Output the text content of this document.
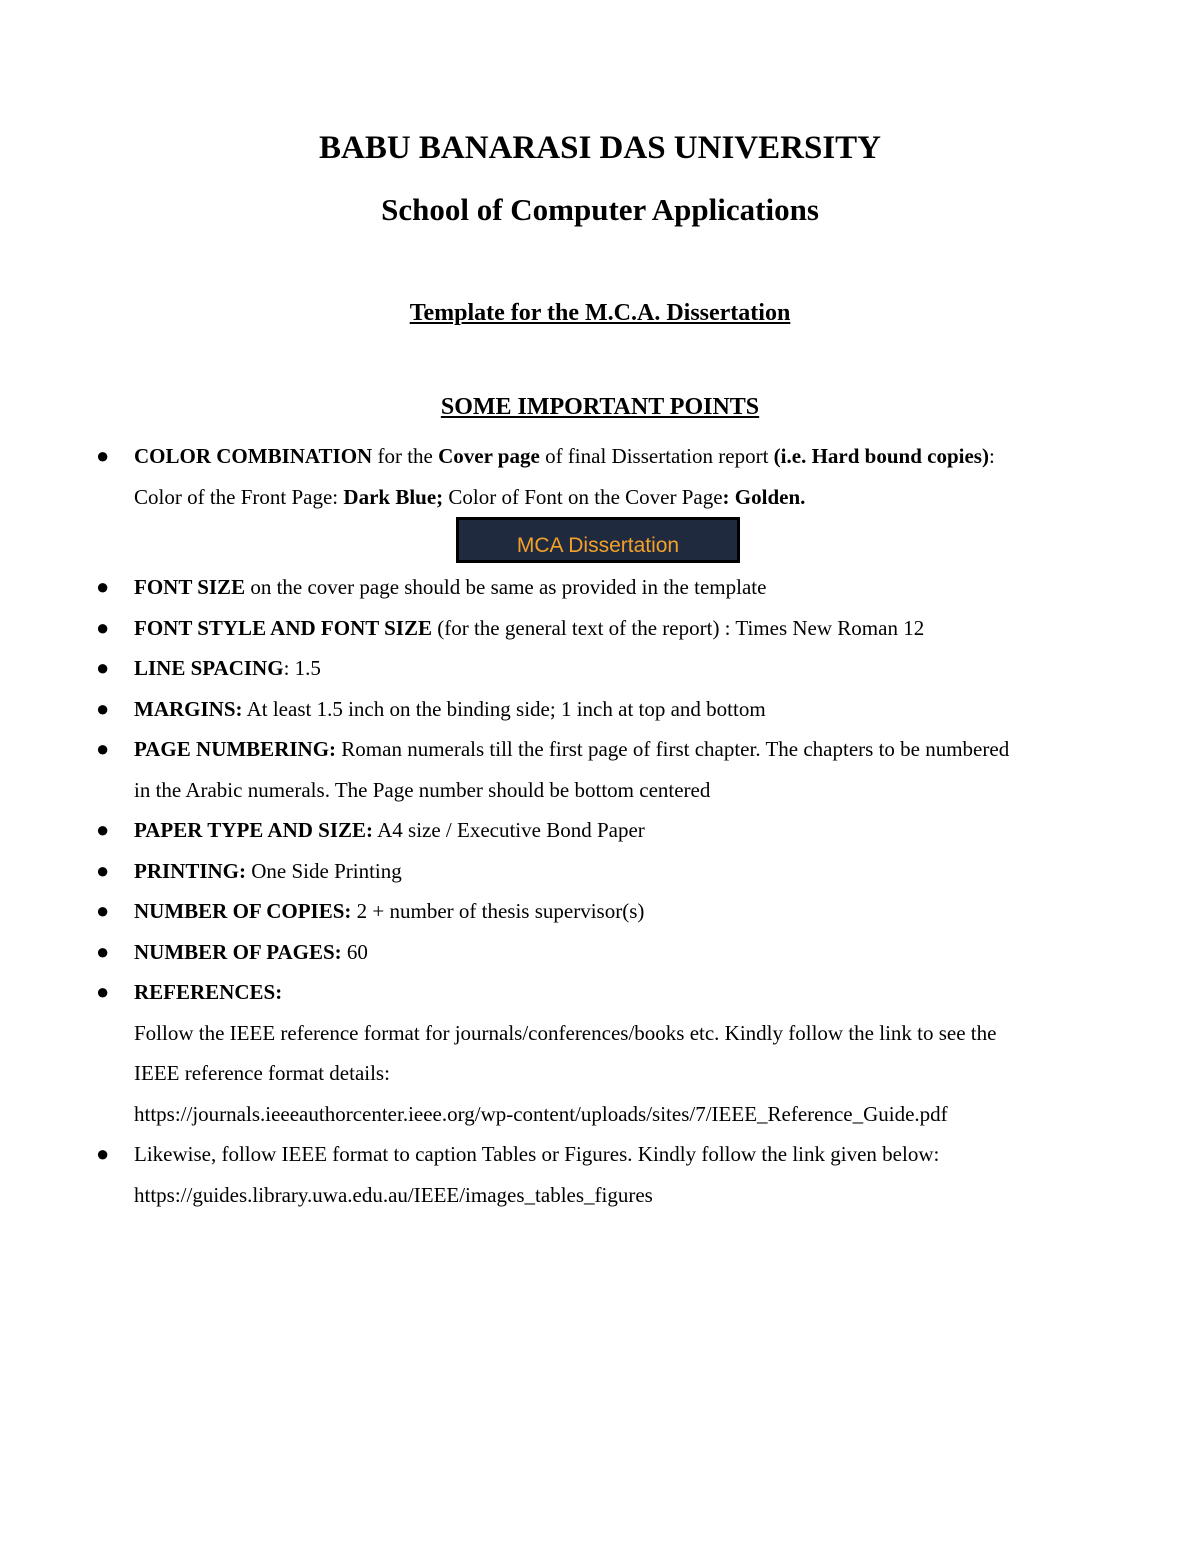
BABU BANARASI DAS UNIVERSITY
School of Computer Applications
Template for the M.C.A. Dissertation
SOME IMPORTANT POINTS
● COLOR COMBINATION for the Cover page of final Dissertation report (i.e. Hard bound copies):
Color of the Front Page: Dark Blue; Color of Font on the Cover Page: Golden.
MCA Dissertation
● FONT SIZE on the cover page should be same as provided in the template
● FONT STYLE AND FONT SIZE (for the general text of the report) : Times New Roman 12
● LINE SPACING: 1.5
● MARGINS: At least 1.5 inch on the binding side; 1 inch at top and bottom
● PAGE NUMBERING: Roman numerals till the first page of first chapter. The chapters to be numbered
in the Arabic numerals. The Page number should be bottom centered
● PAPER TYPE AND SIZE: A4 size / Executive Bond Paper
● PRINTING: One Side Printing
● NUMBER OF COPIES: 2 + number of thesis supervisor(s)
● NUMBER OF PAGES: 60
● REFERENCES:
Follow the IEEE reference format for journals/conferences/books etc. Kindly follow the link to see the
IEEE reference format details:
https://journals.ieeeauthorcenter.ieee.org/wp-content/uploads/sites/7/IEEE_Reference_Guide.pdf
● Likewise, follow IEEE format to caption Tables or Figures. Kindly follow the link given below:
https://guides.library.uwa.edu.au/IEEE/images_tables_figures
